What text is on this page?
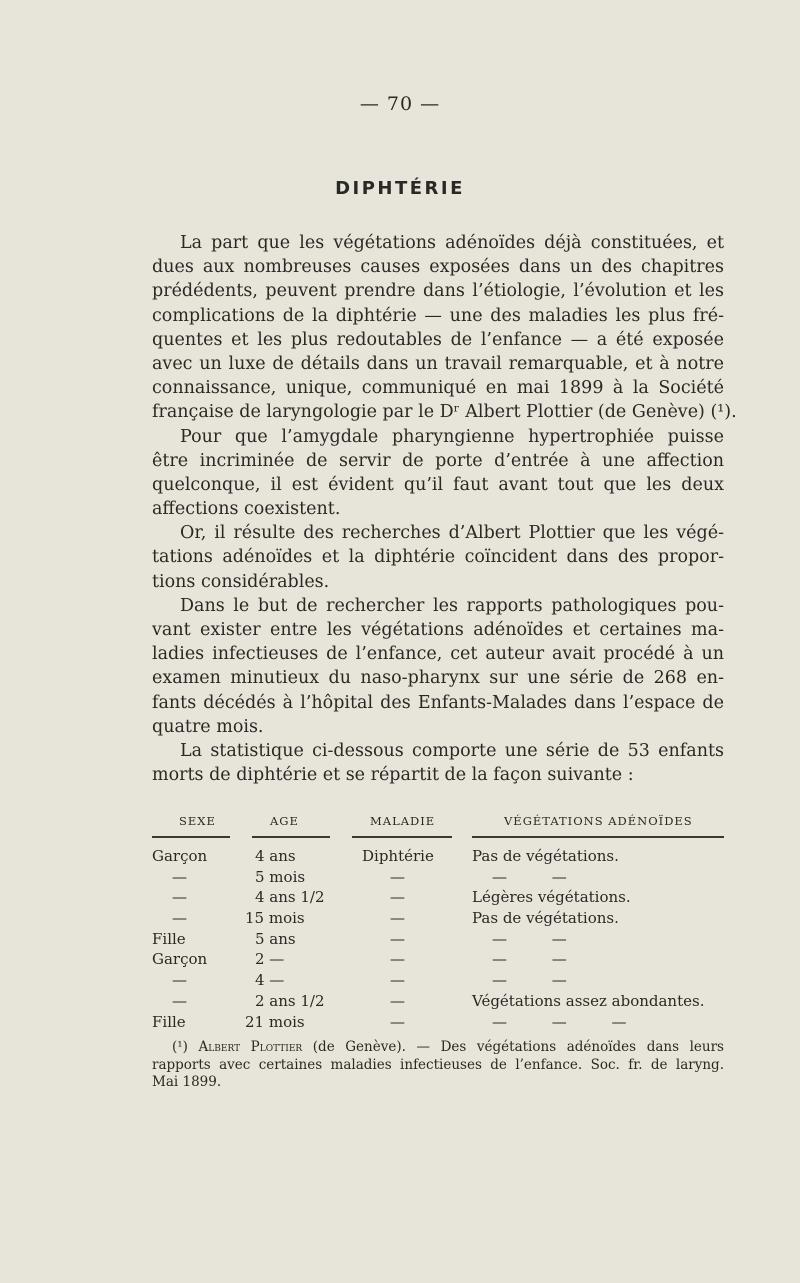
— 70 —
DIPHTÉRIE
La part que les végétations adénoïdes déjà constituées, et
dues aux nombreuses causes exposées dans un des chapitres
prédédents, peuvent prendre dans l’étiologie, l’évolution et les
complications de la diphtérie — une des maladies les plus fré-
quentes et les plus redoutables de l’enfance — a été exposée
avec un luxe de détails dans un travail remarquable, et à notre
connaissance, unique, communiqué en mai 1899 à la Société
française de laryngologie par le Dʳ Albert Plottier (de Genève) (¹).
Pour que l’amygdale pharyngienne hypertrophiée puisse
être incriminée de servir de porte d’entrée à une affection
quelconque, il est évident qu’il faut avant tout que les deux
affections coexistent.
Or, il résulte des recherches d’Albert Plottier que les végé-
tations adénoïdes et la diphtérie coïncident dans des propor-
tions considérables.
Dans le but de rechercher les rapports pathologiques pou-
vant exister entre les végétations adénoïdes et certaines ma-
ladies infectieuses de l’enfance, cet auteur avait procédé à un
examen minutieux du naso-pharynx sur une série de 268 en-
fants décédés à l’hôpital des Enfants-Malades dans l’espace de
quatre mois.
La statistique ci-dessous comporte une série de 53 enfants
morts de diphtérie et se répartit de la façon suivante :
SEXE	AGE	MALADIE	VÉGÉTATIONS ADÉNOÏDES
Garçon	4 ans	Diphtérie	Pas de végétations.
—	5 mois	—	— —
—	4 ans 1/2	—	Légères végétations.
—	15 mois	—	Pas de végétations.
Fille	5 ans	—	— —
Garçon	2 —	—	— —
—	4 —	—	— —
—	2 ans 1/2	—	Végétations assez abondantes.
Fille	21 mois	—	— — —
(¹) Albert Plottier (de Genève). — Des végétations adénoïdes dans leurs
rapports avec certaines maladies infectieuses de l’enfance. Soc. fr. de laryng.
Mai 1899.
